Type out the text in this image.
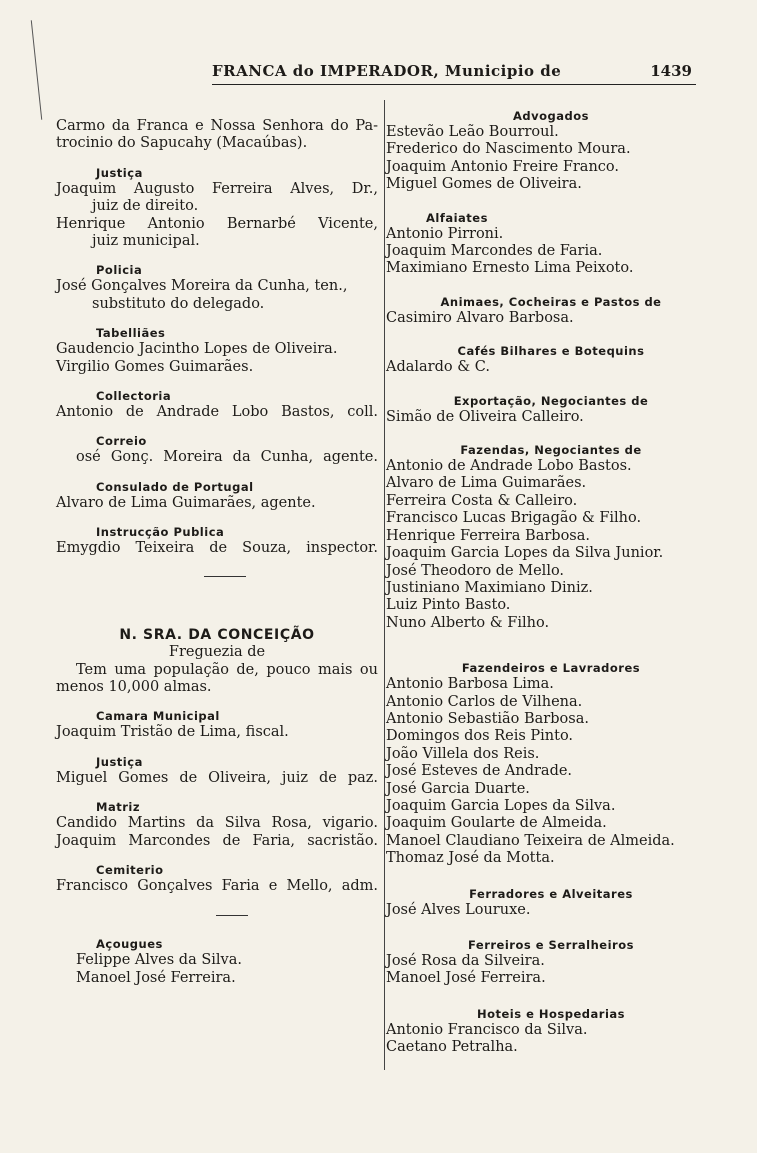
FRANCA do IMPERADOR, Municipio de	1439
Carmo da Franca e Nossa Senhora do Pa-
trocinio do Sapucahy (Macaúbas).
Justiça
Joaquim Augusto Ferreira Alves, Dr.,
juiz de direito.
Henrique Antonio Bernarbé Vicente,
juiz municipal.
Policia
José Gonçalves Moreira da Cunha, ten.,
substituto do delegado.
Tabelliães
Gaudencio Jacintho Lopes de Oliveira.
Virgilio Gomes Guimarães.
Collectoria
Antonio de Andrade Lobo Bastos, coll.
Correio
osé Gonç. Moreira da Cunha, agente.
Consulado de Portugal
Alvaro de Lima Guimarães, agente.
Instrucção Publica
Emygdio Teixeira de Souza, inspector.
N. SRA. DA CONCEIÇÃO
Freguezia de
Tem uma população de, pouco mais ou
menos 10,000 almas.
Camara Municipal
Joaquim Tristão de Lima, fiscal.
Justiça
Miguel Gomes de Oliveira, juiz de paz.
Matriz
Candido Martins da Silva Rosa, vigario.
Joaquim Marcondes de Faria, sacristão.
Cemiterio
Francisco Gonçalves Faria e Mello, adm.
Açougues
Felippe Alves da Silva.
Manoel José Ferreira.
Advogados
Estevão Leão Bourroul.
Frederico do Nascimento Moura.
Joaquim Antonio Freire Franco.
Miguel Gomes de Oliveira.
Alfaiates
Antonio Pirroni.
Joaquim Marcondes de Faria.
Maximiano Ernesto Lima Peixoto.
Animaes, Cocheiras e Pastos de
Casimiro Alvaro Barbosa.
Cafés Bilhares e Botequins
Adalardo & C.
Exportação, Negociantes de
Simão de Oliveira Calleiro.
Fazendas, Negociantes de
Antonio de Andrade Lobo Bastos.
Alvaro de Lima Guimarães.
Ferreira Costa & Calleiro.
Francisco Lucas Brigagão & Filho.
Henrique Ferreira Barbosa.
Joaquim Garcia Lopes da Silva Junior.
José Theodoro de Mello.
Justiniano Maximiano Diniz.
Luiz Pinto Basto.
Nuno Alberto & Filho.
Fazendeiros e Lavradores
Antonio Barbosa Lima.
Antonio Carlos de Vilhena.
Antonio Sebastião Barbosa.
Domingos dos Reis Pinto.
João Villela dos Reis.
José Esteves de Andrade.
José Garcia Duarte.
Joaquim Garcia Lopes da Silva.
Joaquim Goularte de Almeida.
Manoel Claudiano Teixeira de Almeida.
Thomaz José da Motta.
Ferradores e Alveitares
José Alves Louruxe.
Ferreiros e Serralheiros
José Rosa da Silveira.
Manoel José Ferreira.
Hoteis e Hospedarias
Antonio Francisco da Silva.
Caetano Petralha.
